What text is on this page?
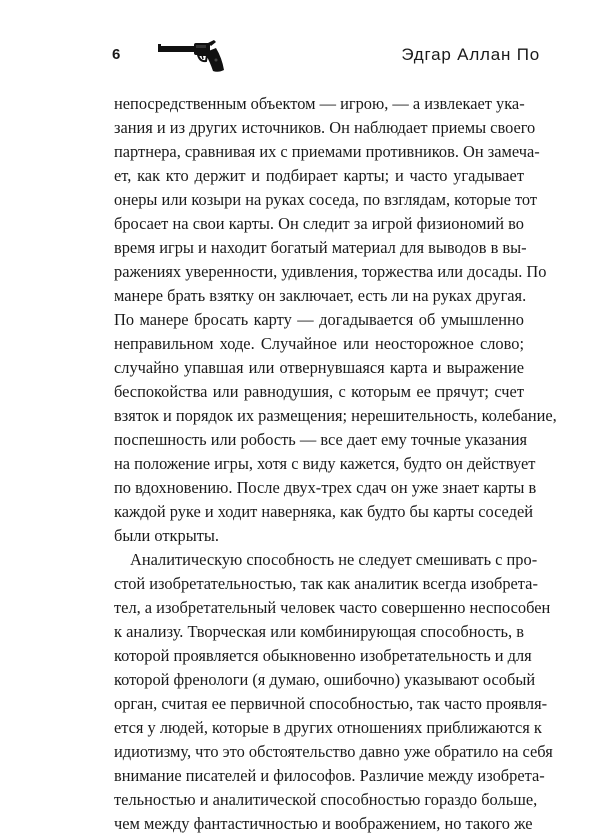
6	Эдгар Аллан По
непосредственным объектом — игрою, — а извлекает ука-
зания и из других источников. Он наблюдает приемы своего
партнера, сравнивая их с приемами противников. Он замеча-
ет, как кто держит и подбирает карты; и часто угадывает
онеры или козыри на руках соседа, по взглядам, которые тот
бросает на свои карты. Он следит за игрой физиономий во
время игры и находит богатый материал для выводов в вы-
ражениях уверенности, удивления, торжества или досады. По
манере брать взятку он заключает, есть ли на руках другая.
По манере бросать карту — догадывается об умышленно
неправильном ходе. Случайное или неосторожное слово;
случайно упавшая или отвернувшаяся карта и выражение
беспокойства или равнодушия, с которым ее прячут; счет
взяток и порядок их размещения; нерешительность, колебание,
поспешность или робость — все дает ему точные указания
на положение игры, хотя с виду кажется, будто он действует
по вдохновению. После двух-трех сдач он уже знает карты в
каждой руке и ходит наверняка, как будто бы карты соседей
были открыты.
Аналитическую способность не следует смешивать с про-
стой изобретательностью, так как аналитик всегда изобрета-
тел, а изобретательный человек часто совершенно неспособен
к анализу. Творческая или комбинирующая способность, в
которой проявляется обыкновенно изобретательность и для
которой френологи (я думаю, ошибочно) указывают особый
орган, считая ее первичной способностью, так часто проявля-
ется у людей, которые в других отношениях приближаются к
идиотизму, что это обстоятельство давно уже обратило на себя
внимание писателей и философов. Различие между изобрета-
тельностью и аналитической способностью гораздо больше,
чем между фантастичностью и воображением, но такого же
